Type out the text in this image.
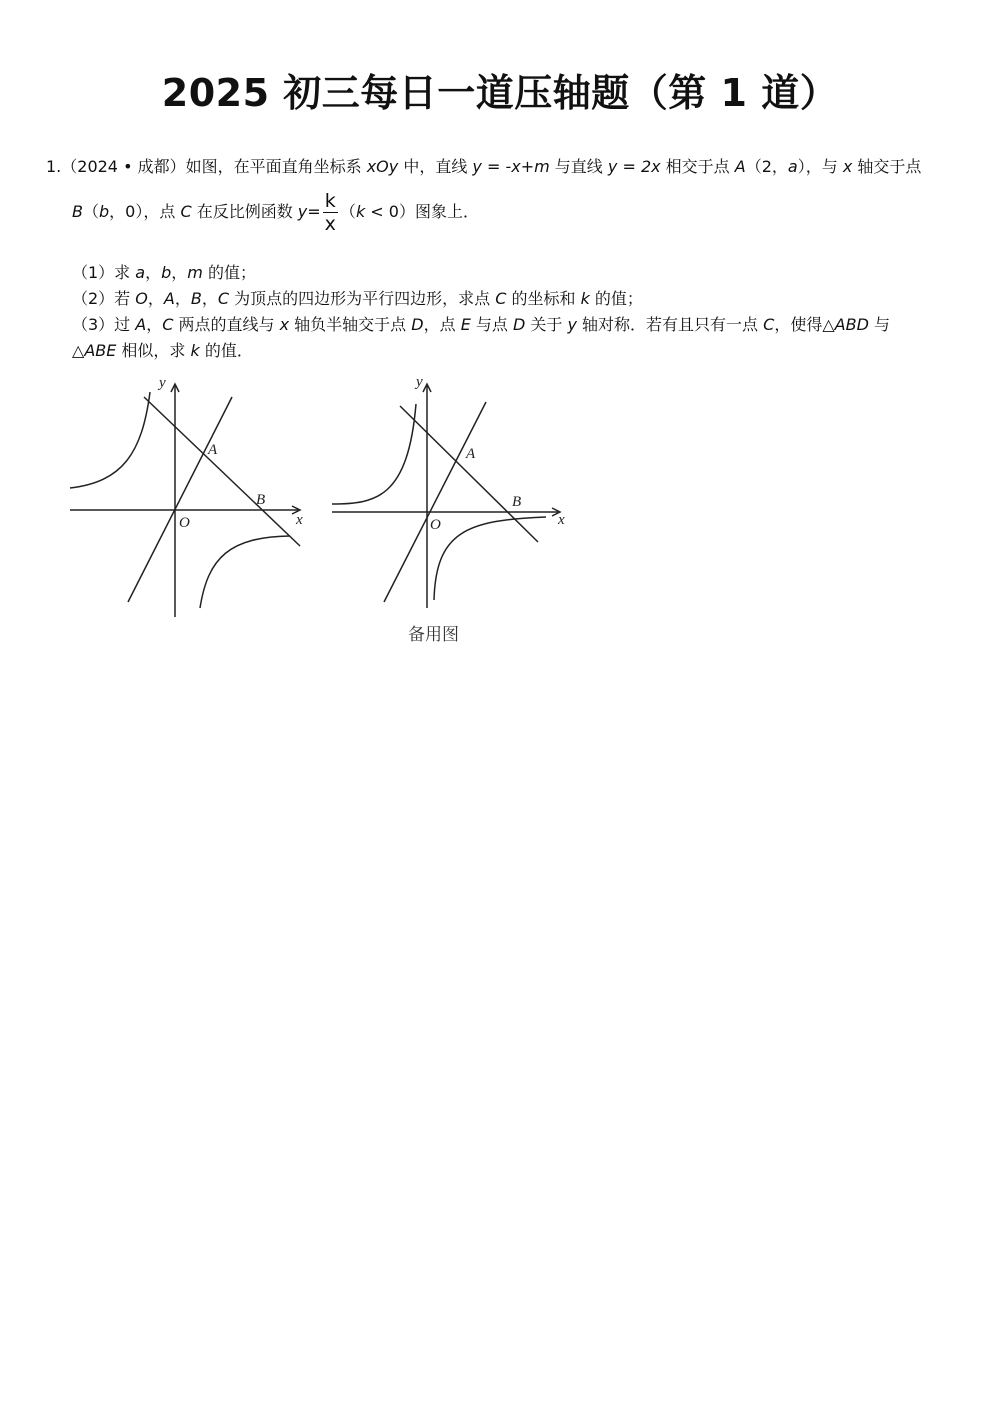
2025 初三每日一道压轴题（第 1 道）
1.（2024 • 成都）如图，在平面直角坐标系 xOy 中，直线 y = -x+m 与直线 y = 2x 相交于点 A（2，a），与 x 轴交于点
B（b，0），点 C 在反比例函数 $y= \frac{k}{x} (k < 0)$图象上．
（1）求 a，b，m 的值；
（2）若 O，A，B，C 为顶点的四边形为平行四边形，求点 C 的坐标和 k 的值；
（3）过 A，C 两点的直线与 x 轴负半轴交于点 D，点 E 与点 D 关于 y 轴对称．若有且只有一点 C，使得△ABD 与
△ABE 相似，求 k 的值．
y
x
O
A
B
y
x
O
A
B
备用图
